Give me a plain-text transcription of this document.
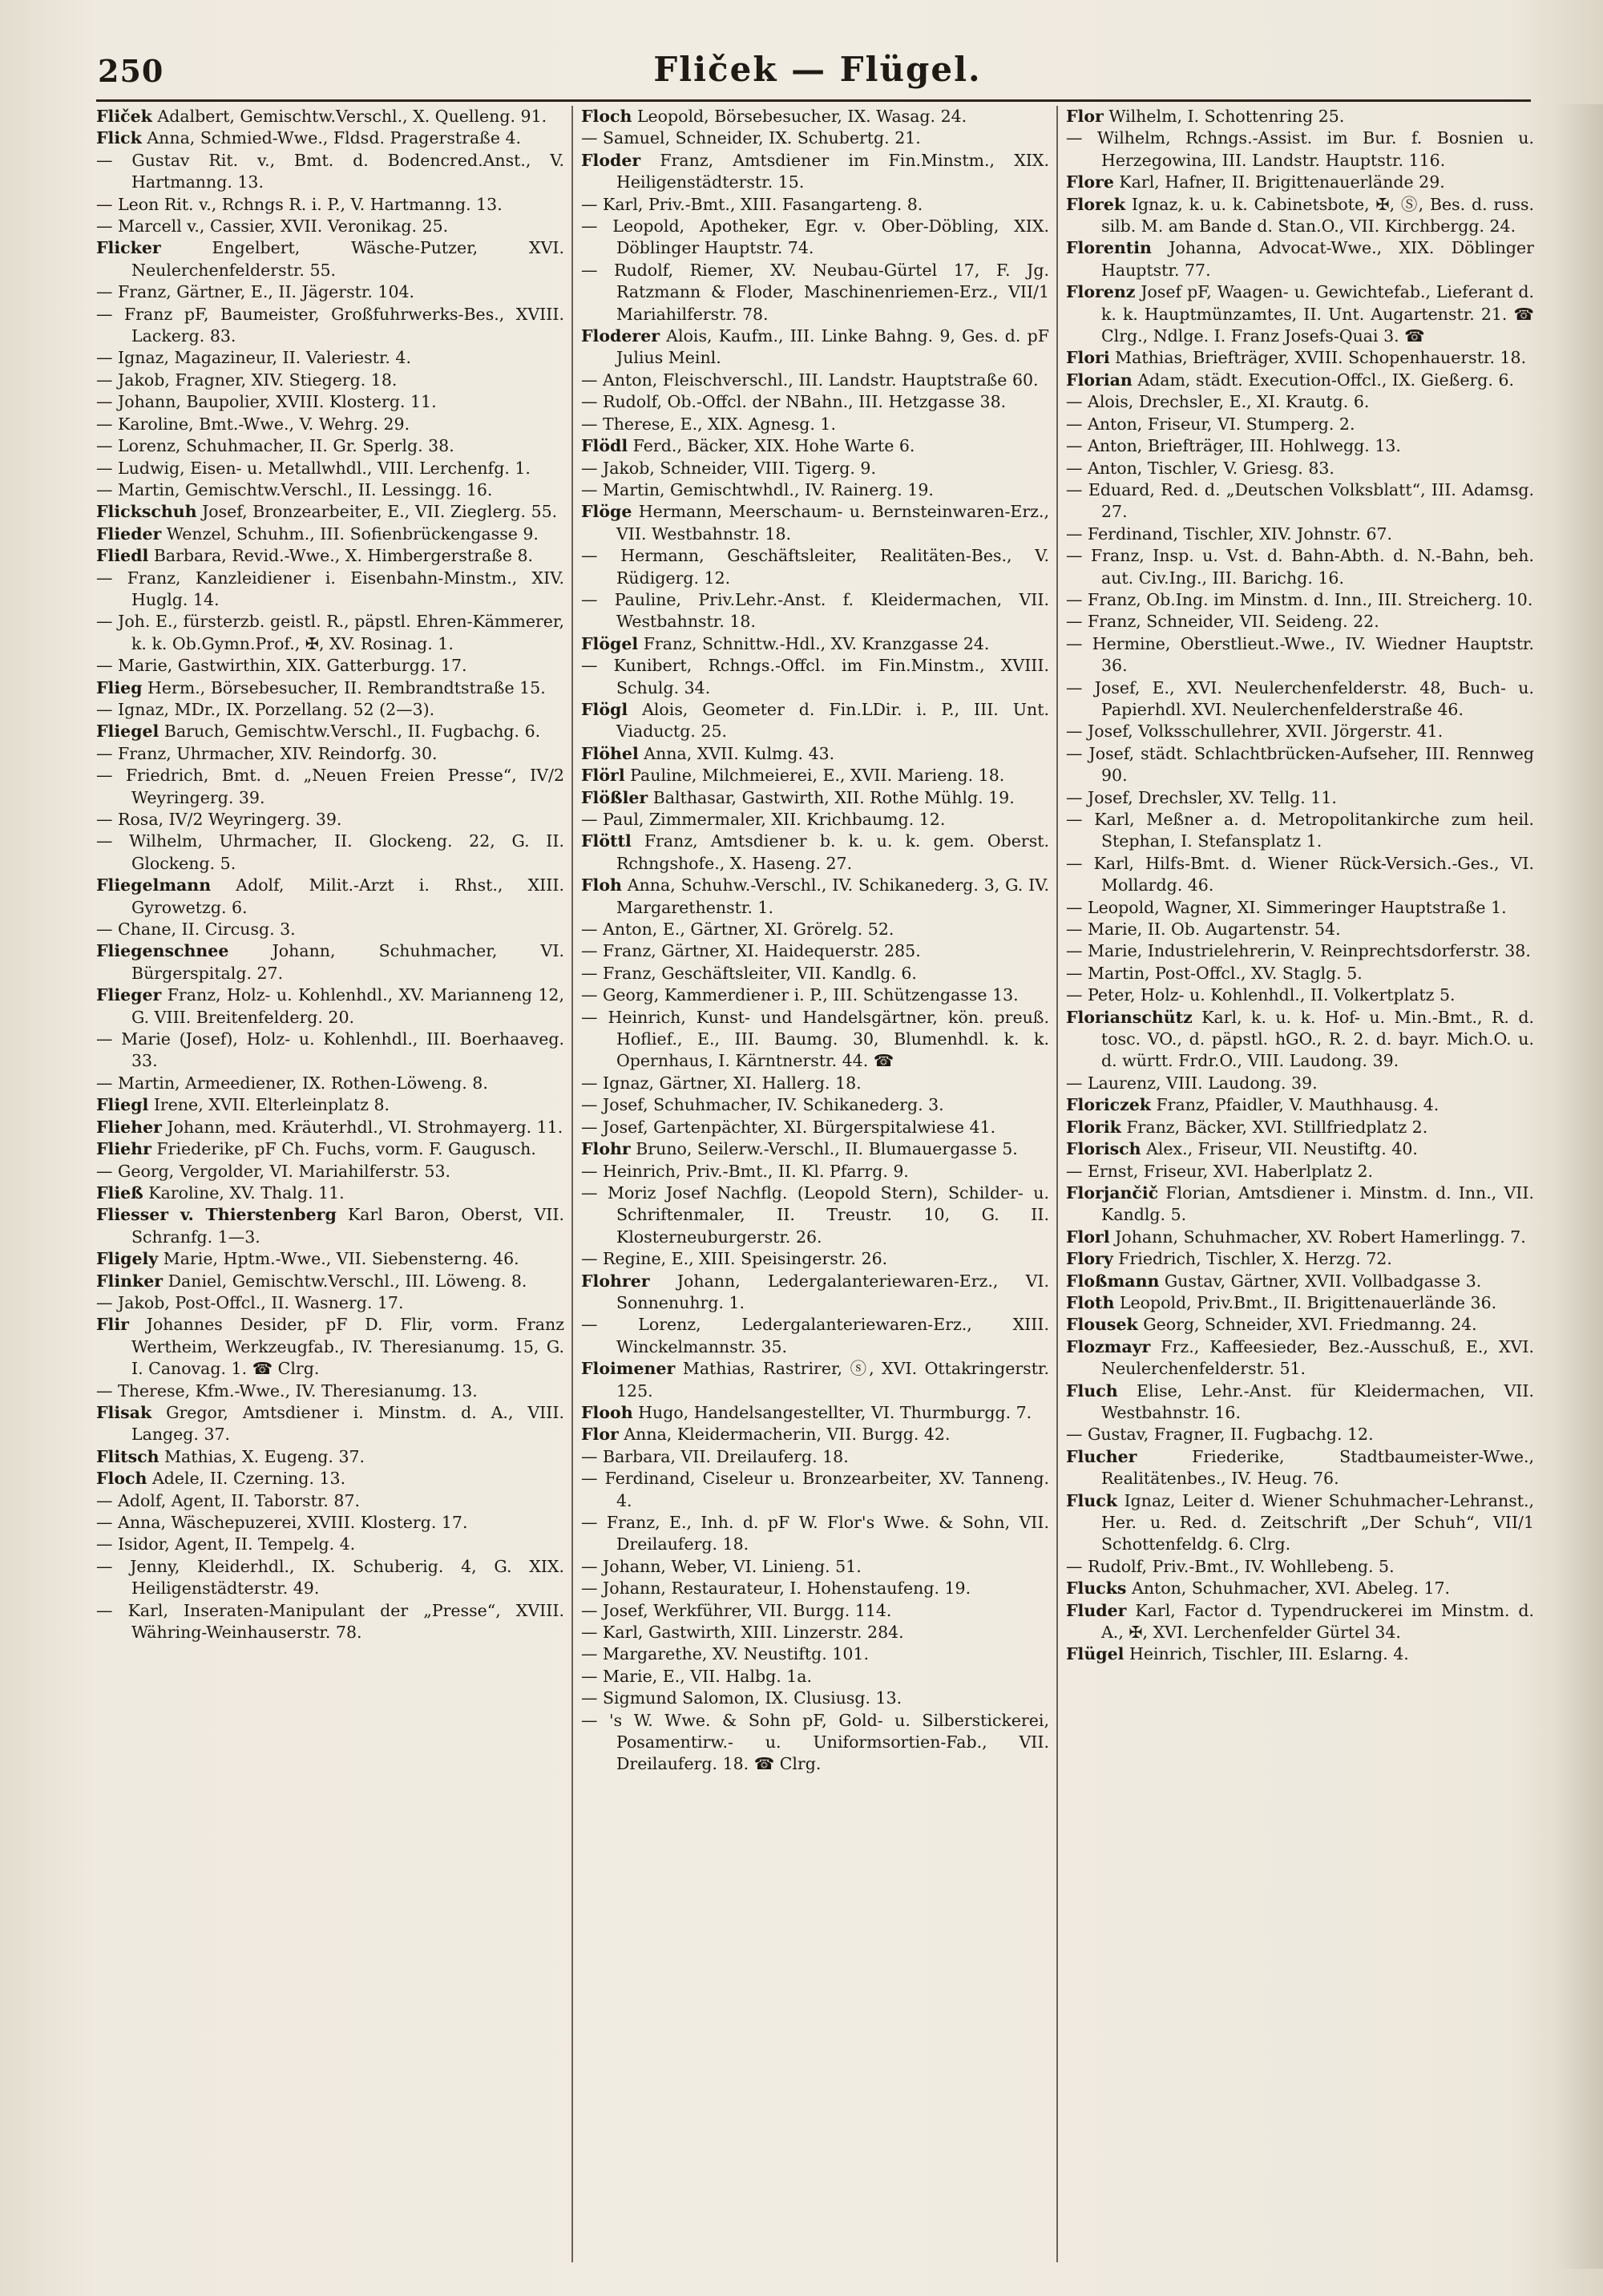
250	Fliček — Flügel.

Fliček Adalbert, Gemischtw.Verschl., X. Quelleng. 91.

Flick Anna, Schmied-Wwe., Fldsd. Pragerstraße 4.

— Gustav Rit. v., Bmt. d. Bodencred.Anst., V. Hartmanng. 13.

— Leon Rit. v., Rchngs R. i. P., V. Hartmanng. 13.

— Marcell v., Cassier, XVII. Veronikag. 25.

Flicker	Engelbert, Wäsche-Putzer, XVI. Neulerchenfelderstr. 55.

— Franz, Gärtner, E., II. Jägerstr. 104.

— Franz pF, Baumeister, Großfuhrwerks-Bes., XVIII. Lackerg. 83.

— Ignaz, Magazineur, II. Valeriestr. 4.

— Jakob, Fragner, XIV. Stiegerg. 18.

— Johann, Baupolier, XVIII. Klosterg. 11.

— Karoline, Bmt.-Wwe., V. Wehrg. 29.

— Lorenz, Schuhmacher, II. Gr. Sperlg. 38.

— Ludwig, Eisen- u. Metallwhdl., VIII. Lerchenfg. 1.

— Martin, Gemischtw.Verschl., II. Lessingg. 16.

Flickschuh Josef, Bronzearbeiter, E., VII. Zieglerg. 55.

Flieder Wenzel, Schuhm., III. Sofienbrückengasse 9.

Fliedl Barbara, Revid.-Wwe., X. Himbergerstraße 8.

— Franz, Kanzleidiener i. Eisenbahn-Minstm., XIV. Huglg. 14.

— Joh. E., fürsterzb. geistl. R., päpstl. Ehren-Kämmerer, k. k. Ob.Gymn.Prof., ✠, XV. Rosinag. 1.

— Marie, Gastwirthin, XIX. Gatterburgg. 17.

Flieg Herm., Börsebesucher, II. Rembrandtstraße 15.

— Ignaz, MDr., IX. Porzellang. 52 (2—3).

Fliegel Baruch, Gemischtw.Verschl., II. Fugbachg. 6.

— Franz, Uhrmacher, XIV. Reindorfg. 30.

— Friedrich, Bmt. d. „Neuen Freien Presse“, IV/2 Weyringerg. 39.

— Rosa, IV/2 Weyringerg. 39.

— Wilhelm, Uhrmacher, II. Glockeng. 22, G. II. Glockeng. 5.

Fliegelmann Adolf, Milit.-Arzt i. Rhst., XIII. Gyrowetzg. 6.

— Chane, II. Circusg. 3.

Fliegenschnee	Johann, Schuhmacher, VI. Bürgerspitalg. 27.

Flieger Franz, Holz- u. Kohlenhdl., XV. Mariannеng 12, G. VIII. Breitenfelderg. 20.

— Marie (Josef), Holz- u. Kohlenhdl., III. Boerhaaveg. 33.

— Martin, Armeediener, IX. Rothen-Löweng. 8.

Fliegl Irene, XVII. Elterleinplatz 8.

Flieher Johann, med. Kräuterhdl., VI. Strohmayerg. 11.

Fliehr Friederike, pF Ch. Fuchs, vorm. F. Gaugusch.

— Georg, Vergolder, VI. Mariahilferstr. 53.

Fließ Karoline, XV. Thalg. 11.

Fliesser v. Thierstenberg Karl Baron, Oberst, VII. Schranfg. 1—3.

Fligely Marie, Hptm.-Wwe., VII. Siebensterng. 46.

Flinker Daniel, Gemischtw.Verschl., III. Löweng. 8.

— Jakob, Post-Offcl., II. Wasnerg. 17.

Flir Johannes Desider, pF D. Flir, vorm. Franz Wertheim, Werkzeugfab., IV. Theresianumg. 15, G. I. Canovag. 1. ☎ Clrg.

— Therese, Kfm.-Wwe., IV. Theresianumg. 13.

Flisak Gregor, Amtsdiener i. Minstm. d. A., VIII. Langeg. 37.

Flitsch Mathias, X. Eugeng. 37.

Floch Adele, II. Czerning. 13.

— Adolf, Agent, II. Taborstr. 87.

— Anna, Wäschepuzerei, XVIII. Klosterg. 17.

— Isidor, Agent, II. Tempelg. 4.

— Jenny, Kleiderhdl., IX. Schuberig. 4, G. XIX. Heiligenstädterstr. 49.

— Karl, Inseraten-Manipulant der „Presse“, XVIII. Währing-Weinhauserstr. 78.

Floch Leopold, Börsebesucher, IX. Wasag. 24.

— Samuel, Schneider, IX. Schubertg. 21.

Floder Franz, Amtsdiener im Fin.Minstm., XIX. Heiligenstädterstr. 15.

— Karl, Priv.-Bmt., XIII. Fasangarteng. 8.

— Leopold, Apotheker, Egr. v. Ober-Döbling, XIX. Döblinger Hauptstr. 74.

— Rudolf, Riemer, XV. Neubau-Gürtel 17, F. Jg. Ratzmann & Floder, Maschinenriemen-Erz., VII/1 Mariahilferstr. 78.

Floderer Alois, Kaufm., III. Linke Bahng. 9, Ges. d. pF Julius Meinl.

— Anton, Fleischverschl., III. Landstr. Hauptstraße 60.

— Rudolf, Ob.-Offcl. der NBahn., III. Hetzgasse 38.

— Therese, E., XIX. Agnesg. 1.

Flödl Ferd., Bäcker, XIX. Hohe Warte 6.

— Jakob, Schneider, VIII. Tigerg. 9.

— Martin, Gemischtwhdl., IV. Rainerg. 19.

Flöge Hermann, Meerschaum- u. Bernsteinwaren-Erz., VII. Westbahnstr. 18.

— Hermann, Geschäftsleiter, Realitäten-Bes., V. Rüdigerg. 12.

— Pauline, Priv.Lehr.-Anst. f. Kleidermachen, VII. Westbahnstr. 18.

Flögel Franz, Schnittw.-Hdl., XV. Kranzgasse 24.

— Kunibert, Rchngs.-Offcl. im Fin.Minstm., XVIII. Schulg. 34.

Flögl Alois, Geometer d. Fin.LDir. i. P., III. Unt. Viaductg. 25.

Flöhel Anna, XVII. Kulmg. 43.

Flörl Pauline, Milchmeierei, E., XVII. Marieng. 18.

Flößler Balthasar, Gastwirth, XII. Rothe Mühlg. 19.

— Paul, Zimmermaler, XII. Krichbaumg. 12.

Flöttl Franz, Amtsdiener b. k. u. k. gem. Oberst. Rchngshofe., X. Haseng. 27.

Floh Anna, Schuhw.-Verschl., IV. Schikanederg. 3, G. IV. Margarethenstr. 1.

— Anton, E., Gärtner, XI. Grörelg. 52.

— Franz, Gärtner, XI. Haidequerstr. 285.

— Franz, Geschäftsleiter, VII. Kandlg. 6.

— Georg, Kammerdiener i. P., III. Schützengasse 13.

— Heinrich, Kunst- und Handelsgärtner, kön. preuß. Hoflief., E., III. Baumg. 30, Blumenhdl. k. k. Opernhaus, I. Kärntnerstr. 44. ☎

— Ignaz, Gärtner, XI. Hallerg. 18.

— Josef, Schuhmacher, IV. Schikanederg. 3.

— Josef, Gartenpächter, XI. Bürgerspitalwiese 41.

Flohr Bruno, Seilerw.-Verschl., II. Blumauergasse 5.

— Heinrich, Priv.-Bmt., II. Kl. Pfarrg. 9.

— Moriz Josef Nachflg. (Leopold Stern), Schilder- u. Schriftenmaler, II. Treustr. 10, G. II. Klosterneuburgerstr. 26.

— Regine, E., XIII. Speisingerstr. 26.

Flohrer Johann, Ledergalanteriewaren-Erz., VI. Sonnenuhrg. 1.

— Lorenz, Ledergalanteriewaren-Erz., XIII. Winckelmannstr. 35.

Floimener Mathias, Rastrirer, ⓢ, XVI. Ottakringerstr. 125.

Flooh Hugo, Handelsangestellter, VI. Thurmburgg. 7.

Flor Anna, Kleidermacherin, VII. Burgg. 42.

— Barbara, VII. Dreilauferg. 18.

— Ferdinand, Ciseleur u. Bronzearbeiter, XV. Tanneng. 4.

— Franz, E., Inh. d. pF W. Flor's Wwe. & Sohn, VII. Dreilauferg. 18.

— Johann, Weber, VI. Linieng. 51.

— Johann, Restaurateur, I. Hohenstaufeng. 19.

— Josef, Werkführer, VII. Burgg. 114.

— Karl, Gastwirth, XIII. Linzerstr. 284.

— Margarethe, XV. Neustiftg. 101.

— Marie, E., VII. Halbg. 1a.

— Sigmund Salomon, IX. Clusiusg. 13.

— 's W. Wwe. & Sohn pF, Gold- u. Silberstickerei, Posamentirw.- u. Uniformsortien-Fab., VII. Dreilauferg. 18. ☎ Clrg.

Flor Wilhelm, I. Schottenring 25.

— Wilhelm, Rchngs.-Assist. im Bur. f. Bosnien u. Herzegowina, III. Landstr. Hauptstr. 116.

Flore Karl, Hafner, II. Brigittenauerlände 29.

Florek Ignaz, k. u. k. Cabinetsbote, ✠, Ⓢ, Bes. d. russ. silb. M. am Bande d. Stan.O., VII. Kirchbergg. 24.

Florentin Johanna, Advocat-Wwe., XIX. Döblinger Hauptstr. 77.

Florenz Josef pF, Waagen- u. Gewichtefab., Lieferant d. k. k. Hauptmünzamtes, II. Unt. Augartenstr. 21. ☎ Clrg., Ndlge. I. Franz Josefs-Quai 3. ☎

Flori Mathias, Briefträger, XVIII. Schopenhauerstr. 18.

Florian Adam, städt. Execution-Offcl., IX. Gießerg. 6.

— Alois, Drechsler, E., XI. Krautg. 6.

— Anton, Friseur, VI. Stumperg. 2.

— Anton, Briefträger, III. Hohlwegg. 13.

— Anton, Tischler, V. Griesg. 83.

— Eduard, Red. d. „Deutschen Volksblatt“, III. Adamsg. 27.

— Ferdinand, Tischler, XIV. Johnstr. 67.

— Franz, Insp. u. Vst. d. Bahn-Abth. d. N.-Bahn, beh. aut. Civ.Ing., III. Barichg. 16.

— Franz, Ob.Ing. im Minstm. d. Inn., III. Streicherg. 10.

— Franz, Schneider, VII. Seideng. 22.

— Hermine, Oberstlieut.-Wwe., IV. Wiedner Hauptstr. 36.

— Josef, E., XVI. Neulerchenfelderstr. 48, Buch- u. Papierhdl. XVI. Neulerchenfelderstraße 46.

— Josef, Volksschullehrer, XVII. Jörgerstr. 41.

— Josef, städt. Schlachtbrücken-Aufseher, III. Rennweg 90.

— Josef, Drechsler, XV. Tellg. 11.

— Karl, Meßner a. d. Metropolitankirche zum heil. Stephan, I. Stefansplatz 1.

— Karl, Hilfs-Bmt. d. Wiener Rück-Versich.-Ges., VI. Mollardg. 46.

— Leopold, Wagner, XI. Simmeringer Hauptstraße 1.

— Marie, II. Ob. Augartenstr. 54.

— Marie, Industrielehrerin, V. Reinprechtsdorferstr. 38.

— Martin, Post-Offcl., XV. Staglg. 5.

— Peter, Holz- u. Kohlenhdl., II. Volkertplatz 5.

Florianschütz Karl, k. u. k. Hof- u. Min.-Bmt., R. d. tosc. VO., d. päpstl. hGO., R. 2. d. bayr. Mich.O. u. d. württ. Frdr.O., VIII. Laudong. 39.

— Laurenz, VIII. Laudong. 39.

Floriczek Franz, Pfaidler, V. Mauthhausg. 4.

Florik Franz, Bäcker, XVI. Stillfriedplatz 2.

Florisch Alex., Friseur, VII. Neustiftg. 40.

— Ernst, Friseur, XVI. Haberlplatz 2.

Florjančič Florian, Amtsdiener i. Minstm. d. Inn., VII. Kandlg. 5.

Florl Johann, Schuhmacher, XV. Robert Hamerlingg. 7.

Flory Friedrich, Tischler, X. Herzg. 72.

Floßmann Gustav, Gärtner, XVII. Vollbadgasse 3.

Floth Leopold, Priv.Bmt., II. Brigittenauerlände 36.

Flousek Georg, Schneider, XVI. Friedmanng. 24.

Flozmayr Frz., Kaffeesieder, Bez.-Ausschuß, E., XVI. Neulerchenfelderstr. 51.

Fluch Elise, Lehr.-Anst. für Kleidermachen, VII. Westbahnstr. 16.

— Gustav, Fragner, II. Fugbachg. 12.

Flucher	Friederike, Stadtbaumeister-Wwe., Realitätenbes., IV. Heug. 76.

Fluck Ignaz, Leiter d. Wiener Schuhmacher-Lehranst., Her. u. Red. d. Zeitschrift „Der Schuh“, VII/1 Schottenfeldg. 6. Clrg.

— Rudolf, Priv.-Bmt., IV. Wohllebeng. 5.

Flucks Anton, Schuhmacher, XVI. Abeleg. 17.

Fluder Karl, Factor d. Typendruckerei im Minstm. d. A., ✠, XVI. Lerchenfelder Gürtel 34.

Flügel Heinrich, Tischler, III. Eslarng. 4.
